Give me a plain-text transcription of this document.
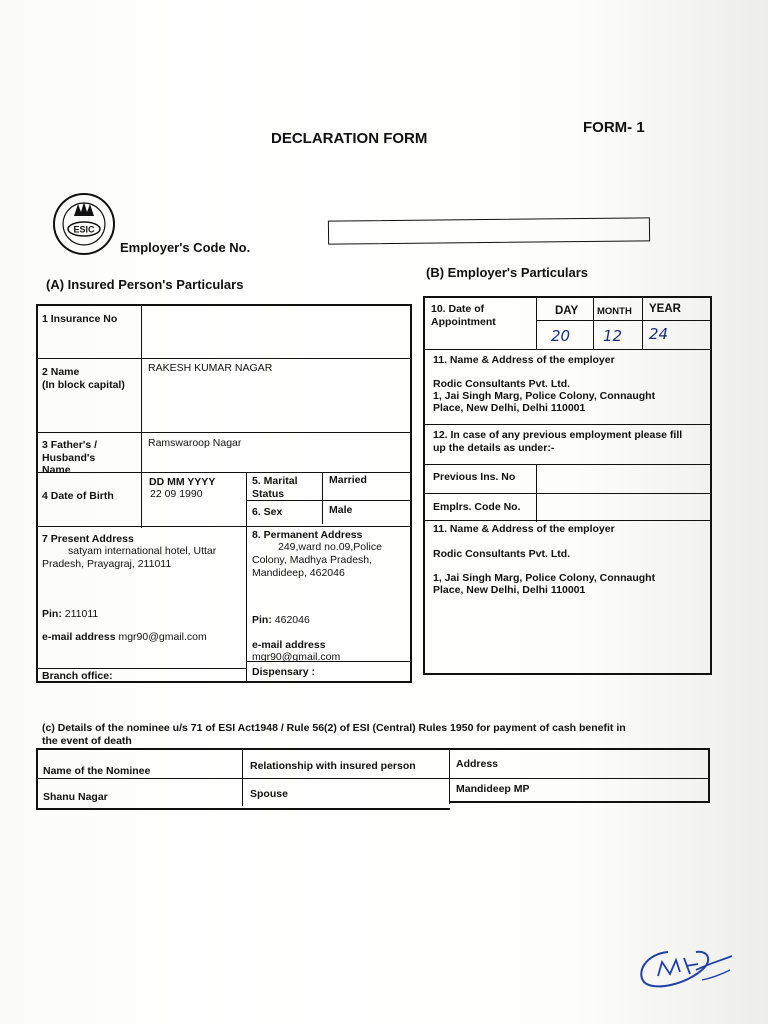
DECLARATION FORM
FORM- 1
ESIC
Employer's Code No.
(A) Insured Person's Particulars
(B) Employer's Particulars
1 Insurance No
2 Name
(In block capital)
RAKESH KUMAR NAGAR
3 Father's /
Husband's
Name
Ramswaroop Nagar
4 Date of Birth
DD MM YYYY
22 09 1990
5. Marital
Status
Married
6. Sex	Male
7 Present Address
satyam international hotel, Uttar
Pradesh, Prayagraj, 211011
Pin: 211011
e-mail address mgr90@gmail.com
8. Permanent Address
249,ward no.09,Police
Colony, Madhya Pradesh,
Mandideep, 462046
Pin: 462046
e-mail address
mgr90@gmail.com
Branch office:	Dispensary :
10. Date of
Appointment
DAY MONTH YEAR
20 12 24
11. Name & Address of the employer
Rodic Consultants Pvt. Ltd.
1, Jai Singh Marg, Police Colony, Connaught
Place, New Delhi, Delhi 110001
12. In case of any previous employment please fill
up the details as under:-
Previous Ins. No
Emplrs. Code No.
11. Name & Address of the employer
Rodic Consultants Pvt. Ltd.
1, Jai Singh Marg, Police Colony, Connaught
Place, New Delhi, Delhi 110001
(c) Details of the nominee u/s 71 of ESI Act1948 / Rule 56(2) of ESI (Central) Rules 1950 for payment of cash benefit in
the event of death
Name of the Nominee	Relationship with insured person	Address
Shanu Nagar	Spouse	Mandideep MP
